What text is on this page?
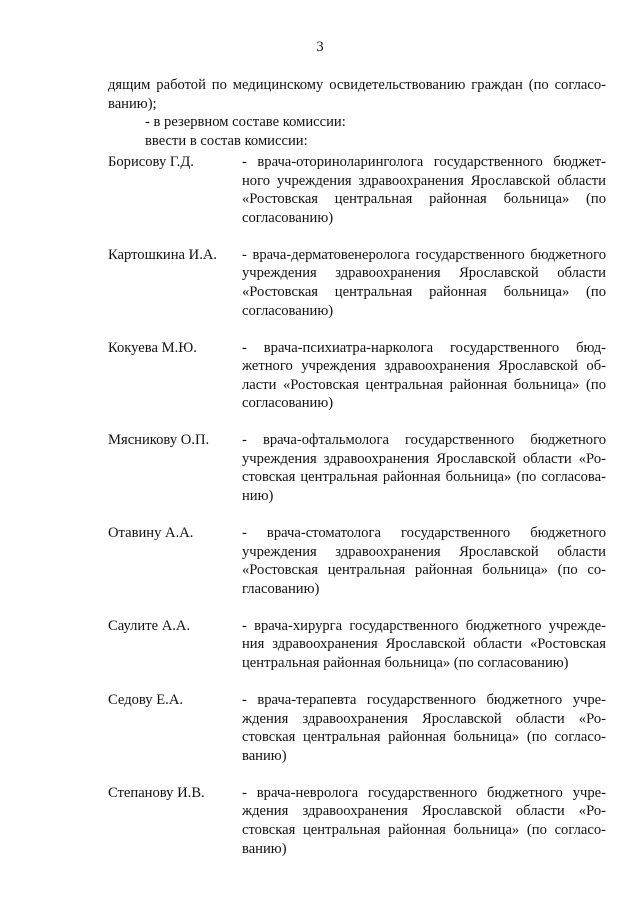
3
дящим работой по медицинскому освидетельствованию граждан (по согласо-
ванию);
- в резервном составе комиссии:
ввести в состав комиссии:
Борисову Г.Д.	- врача-оториноларинголога государственного бюджетного учреждения здравоохранения Ярославской области «Ростовская центральная районная больница» (по согласованию)
Картошкина И.А.	- врача-дерматовенеролога государственного бюджетного учреждения здравоохранения Ярославской области «Ростовская центральная районная больница» (по согласованию)
Кокуева М.Ю.	- врача-психиатра-нарколога государственного бюджетного учреждения здравоохранения Ярославской области «Ростовская центральная районная больница» (по согласованию)
Мясникову О.П.	- врача-офтальмолога государственного бюджетного учреждения здравоохранения Ярославской области «Ростовская центральная районная больница» (по согласованию)
Отавину А.А.	- врача-стоматолога государственного бюджетного учреждения здравоохранения Ярославской области «Ростовская центральная районная больница» (по согласованию)
Саулите А.А.	- врача-хирурга государственного бюджетного учреждения здравоохранения Ярославской области «Ростовская центральная районная больница» (по согласованию)
Седову Е.А.	- врача-терапевта государственного бюджетного учреждения здравоохранения Ярославской области «Ростовская центральная районная больница» (по согласованию)
Степанову И.В.	- врача-невролога государственного бюджетного учреждения здравоохранения Ярославской области «Ростовская центральная районная больница» (по согласованию)
